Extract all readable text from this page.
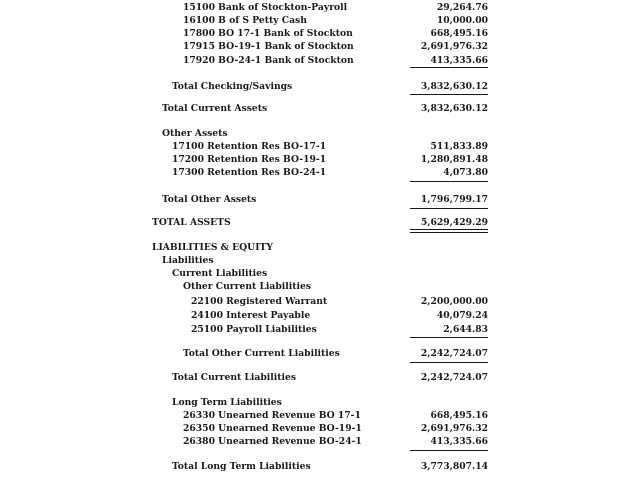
15100 Bank of Stockton-Payroll	29,264.76
16100 B of S Petty Cash	10,000.00
17800 BO 17-1 Bank of Stockton	668,495.16
17915 BO-19-1 Bank of Stockton	2,691,976.32
17920 BO-24-1 Bank of Stockton	413,335.66
Total Checking/Savings	3,832,630.12
Total Current Assets	3,832,630.12
Other Assets
17100 Retention Res BO-17-1	511,833.89
17200 Retention Res BO-19-1	1,280,891.48
17300 Retention Res BO-24-1	4,073.80
Total Other Assets	1,796,799.17
TOTAL ASSETS	5,629,429.29
LIABILITIES & EQUITY
Liabilities
Current Liabilities
Other Current Liabilities
22100 Registered Warrant	2,200,000.00
24100 Interest Payable	40,079.24
25100 Payroll Liabilities	2,644.83
Total Other Current Liabilities	2,242,724.07
Total Current Liabilities	2,242,724.07
Long Term Liabilities
26330 Unearned Revenue BO 17-1	668,495.16
26350 Unearned Revenue BO-19-1	2,691,976.32
26380 Unearned Revenue BO-24-1	413,335.66
Total Long Term Liabilities	3,773,807.14
